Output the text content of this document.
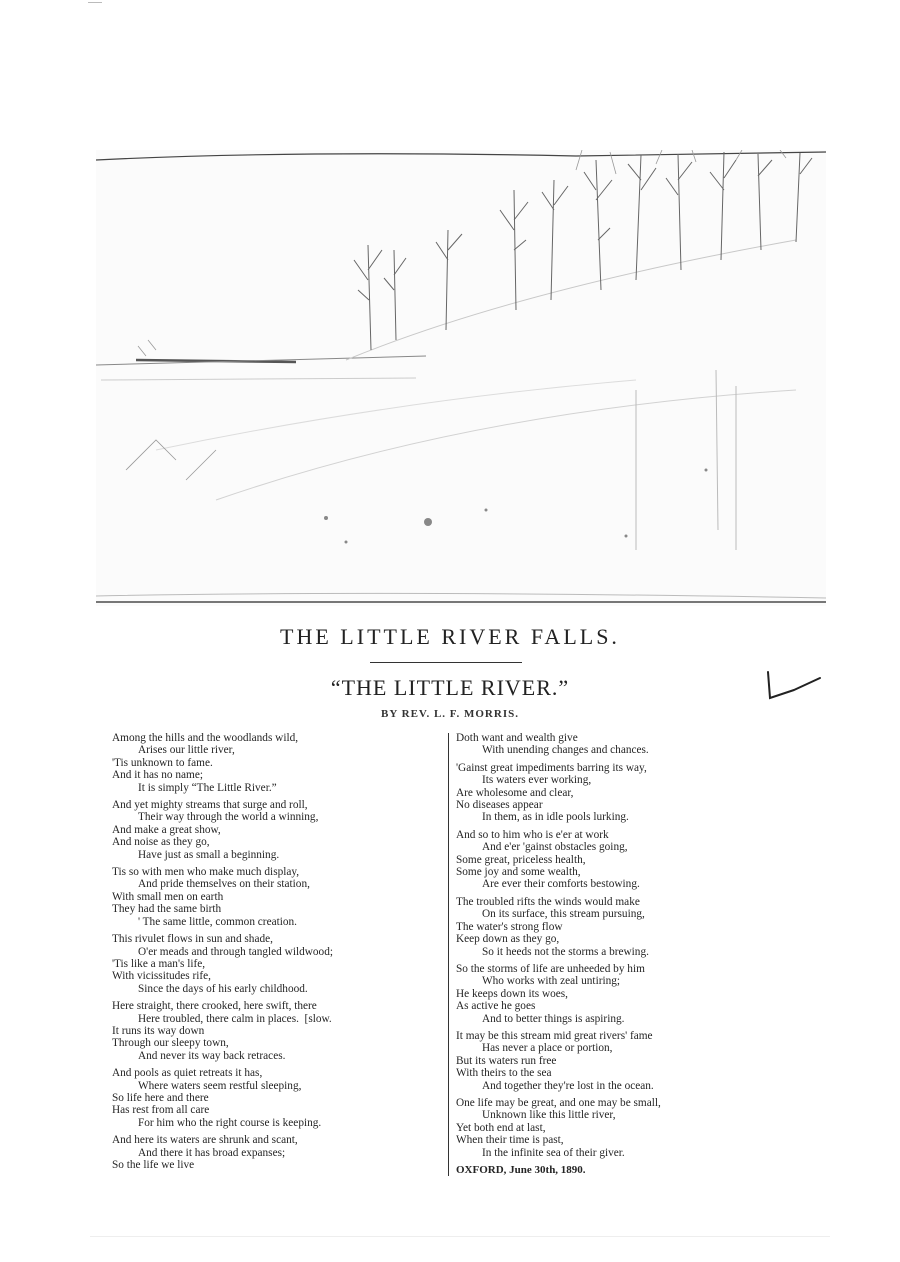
THE LITTLE RIVER FALLS.
“THE LITTLE RIVER.”
BY REV. L. F. MORRIS.
Among the hills and the woodlands wild,
Arises our little river,
'Tis unknown to fame.
And it has no name;
It is simply “The Little River.”
And yet mighty streams that surge and roll,
Their way through the world a winning,
And make a great show,
And noise as they go,
Have just as small a beginning.
Tis so with men who make much display,
And pride themselves on their station,
With small men on earth
They had the same birth
' The same little, common creation.
This rivulet flows in sun and shade,
O'er meads and through tangled wildwood;
'Tis like a man's life,
With vicissitudes rife,
Since the days of his early childhood.
Here straight, there crooked, here swift, there
Here troubled, there calm in places.  [slow.
It runs its way down
Through our sleepy town,
And never its way back retraces.
And pools as quiet retreats it has,
Where waters seem restful sleeping,
So life here and there
Has rest from all care
For him who the right course is keeping.
And here its waters are shrunk and scant,
And there it has broad expanses;
So the life we live
Doth want and wealth give
With unending changes and chances.
'Gainst great impediments barring its way,
Its waters ever working,
Are wholesome and clear,
No diseases appear
In them, as in idle pools lurking.
And so to him who is e'er at work
And e'er 'gainst obstacles going,
Some great, priceless health,
Some joy and some wealth,
Are ever their comforts bestowing.
The troubled rifts the winds would make
On its surface, this stream pursuing,
The water's strong flow
Keep down as they go,
So it heeds not the storms a brewing.
So the storms of life are unheeded by him
Who works with zeal untiring;
He keeps down its woes,
As active he goes
And to better things is aspiring.
It may be this stream mid great rivers' fame
Has never a place or portion,
But its waters run free
With theirs to the sea
And together they're lost in the ocean.
One life may be great, and one may be small,
Unknown like this little river,
Yet both end at last,
When their time is past,
In the infinite sea of their giver.
OXFORD, June 30th, 1890.
